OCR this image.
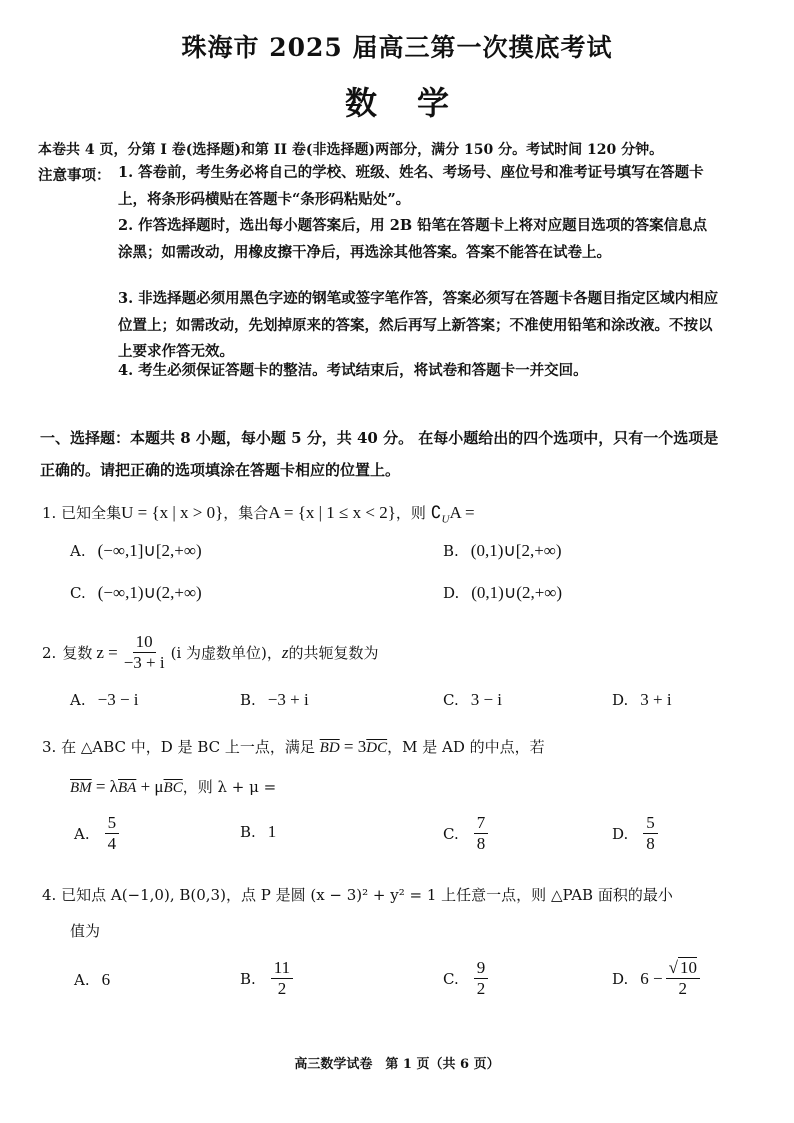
珠海市 2025 届高三第一次摸底考试
数学
本卷共 4 页，分第 I 卷(选择题)和第 II 卷(非选择题)两部分，满分 150 分。考试时间 120 分钟。
注意事项： 1. 答卷前，考生务必将自己的学校、班级、姓名、考场号、座位号和准考证号填写在答题卡上，将条形码横贴在答题卡“条形码粘贴处”。
2. 作答选择题时，选出每小题答案后，用 2B 铅笔在答题卡上将对应题目选项的答案信息点涂黑；如需改动，用橡皮擦干净后，再选涂其他答案。答案不能答在试卷上。
3. 非选择题必须用黑色字迹的钢笔或签字笔作答，答案必须写在答题卡各题目指定区域内相应位置上；如需改动，先划掉原来的答案，然后再写上新答案；不准使用铅笔和涂改液。不按以上要求作答无效。
4. 考生必须保证答题卡的整洁。考试结束后，将试卷和答题卡一并交回。
一、选择题：本题共 8 小题，每小题 5 分，共 40 分。 在每小题给出的四个选项中，只有一个选项是正确的。请把正确的选项填涂在答题卡相应的位置上。
1. 已知全集U = {x | x > 0}，集合A = {x | 1 ≤ x < 2}，则 $∁_UA$ =
A. (−∞,1]∪[2,+∞)	B. (0,1)∪[2,+∞)
C. (−∞,1)∪(2,+∞)	D. (0,1)∪(2,+∞)
2. 复数 $z = \frac{10}{-3 + i} (i$ 为虚数单位)， z 的共轭复数为
A. −3 − i	B. −3 + i	C. 3 − i	D. 3 + i
3. 在 △ABC 中，D 是 BC 上一点，满足 $\overline{BD} = 3\overline{DC}$，M 是 AD 的中点，若
$\overline{BM} = \lambda\overline{BA} + \mu\overline{BC}$，则 λ + μ =
A. $\frac{5}{4}$	B. 1	C. $\frac{7}{8}$	D. $\frac{5}{8}$
4. 已知点 A(−1,0), B(0,3)，点 P 是圆 (x − 3)² + y² = 1 上任意一点，则 △PAB 面积的最小
值为
A. 6	B. $\frac{11}{2}$	C. $\frac{9}{2}$	D. $6 - \frac{√ 10}{2}$
高三数学试卷　第 1 页（共 6 页）
